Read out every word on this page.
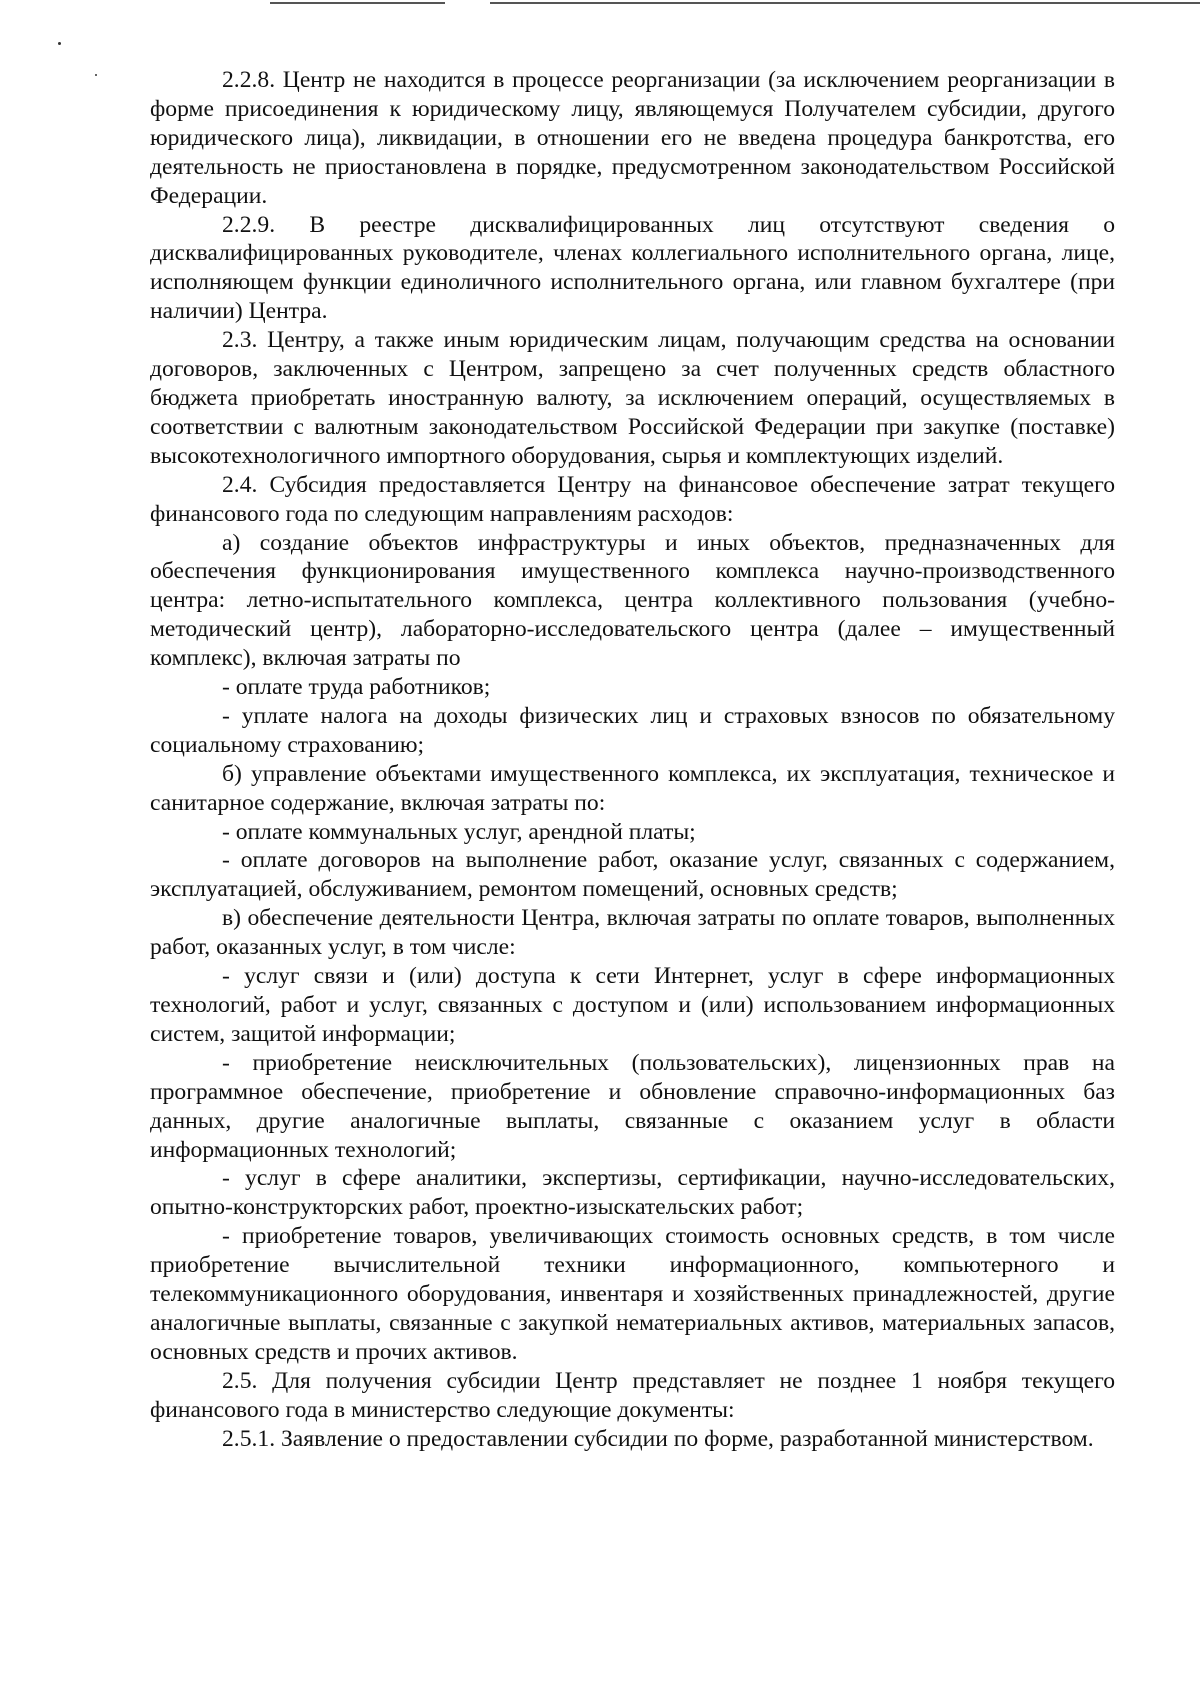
2.2.8. Центр не находится в процессе реорганизации (за исключением реорганизации в форме присоединения к юридическому лицу, являющемуся Получателем субсидии, другого юридического лица), ликвидации, в отношении его не введена процедура банкротства, его деятельность не приостановлена в порядке, предусмотренном законодательством Российской Федерации.

2.2.9. В реестре дисквалифицированных лиц отсутствуют сведения о дисквалифицированных руководителе, членах коллегиального исполнительного органа, лице, исполняющем функции единоличного исполнительного органа, или главном бухгалтере (при наличии) Центра.

2.3. Центру, а также иным юридическим лицам, получающим средства на основании договоров, заключенных с Центром, запрещено за счет полученных средств областного бюджета приобретать иностранную валюту, за исключением операций, осуществляемых в соответствии с валютным законодательством Российской Федерации при закупке (поставке) высокотехнологичного импортного оборудования, сырья и комплектующих изделий.

2.4. Субсидия предоставляется Центру на финансовое обеспечение затрат текущего финансового года по следующим направлениям расходов:

а) создание объектов инфраструктуры и иных объектов, предназначенных для обеспечения функционирования имущественного комплекса научно-производственного центра: летно-испытательного комплекса, центра коллективного пользования (учебно-методический центр), лабораторно-исследовательского центра (далее – имущественный комплекс), включая затраты по

- оплате труда работников;

- уплате налога на доходы физических лиц и страховых взносов по обязательному социальному страхованию;

б) управление объектами имущественного комплекса, их эксплуатация, техническое и санитарное содержание, включая затраты по:

- оплате коммунальных услуг, арендной платы;

- оплате договоров на выполнение работ, оказание услуг, связанных с содержанием, эксплуатацией, обслуживанием, ремонтом помещений, основных средств;

в) обеспечение деятельности Центра, включая затраты по оплате товаров, выполненных работ, оказанных услуг, в том числе:

- услуг связи и (или) доступа к сети Интернет, услуг в сфере информационных технологий, работ и услуг, связанных с доступом и (или) использованием информационных систем, защитой информации;

- приобретение неисключительных (пользовательских), лицензионных прав на программное обеспечение, приобретение и обновление справочно-информационных баз данных, другие аналогичные выплаты, связанные с оказанием услуг в области информационных технологий;

- услуг в сфере аналитики, экспертизы, сертификации, научно-исследовательских, опытно-конструкторских работ, проектно-изыскательских работ;

- приобретение товаров, увеличивающих стоимость основных средств, в том числе приобретение вычислительной техники информационного, компьютерного и телекоммуникационного оборудования, инвентаря и хозяйственных принадлежностей, другие аналогичные выплаты, связанные с закупкой нематериальных активов, материальных запасов, основных средств и прочих активов.

2.5. Для получения субсидии Центр представляет не позднее 1 ноября текущего финансового года в министерство следующие документы:

2.5.1. Заявление о предоставлении субсидии по форме, разработанной министерством.
